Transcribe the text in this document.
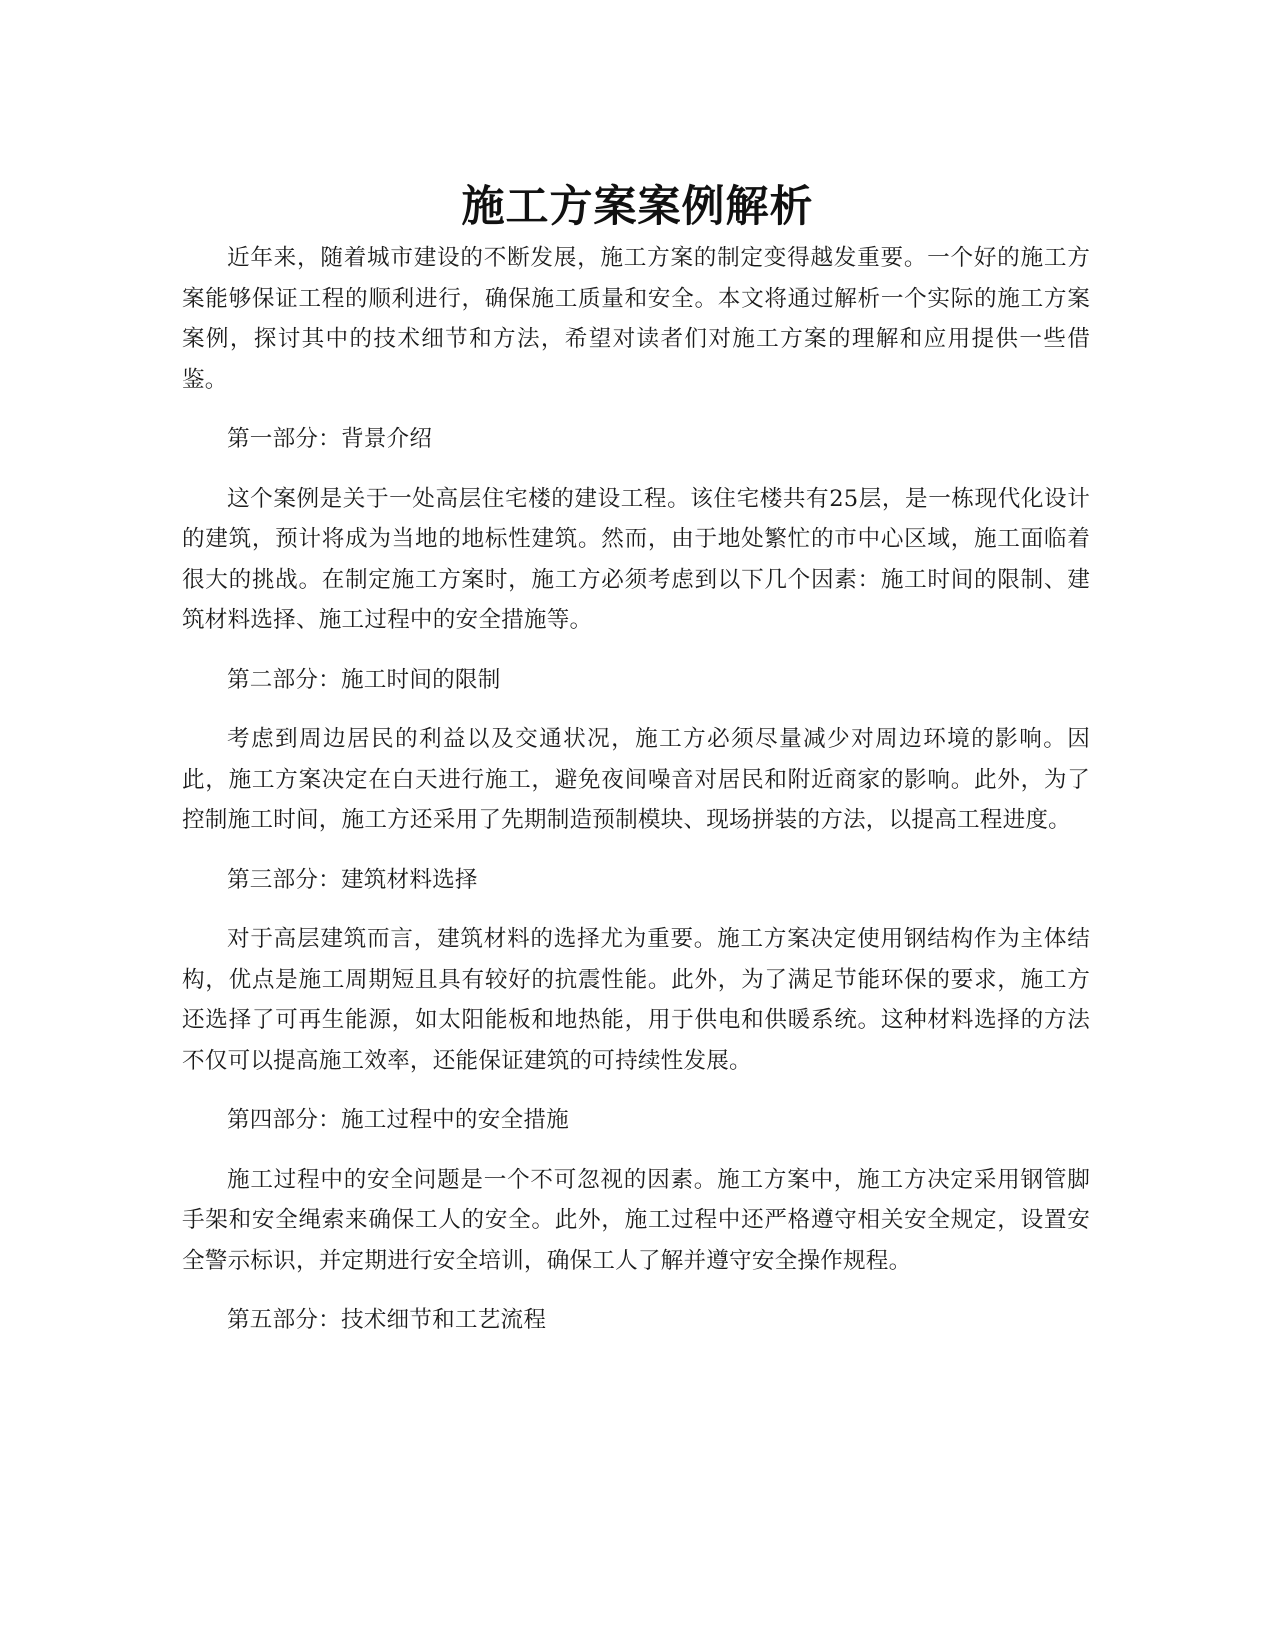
施工方案案例解析

近年来，随着城市建设的不断发展，施工方案的制定变得越发重要。一个好的施工方案能够保证工程的顺利进行，确保施工质量和安全。本文将通过解析一个实际的施工方案案例，探讨其中的技术细节和方法，希望对读者们对施工方案的理解和应用提供一些借鉴。

第一部分：背景介绍

这个案例是关于一处高层住宅楼的建设工程。该住宅楼共有25层，是一栋现代化设计的建筑，预计将成为当地的地标性建筑。然而，由于地处繁忙的市中心区域，施工面临着很大的挑战。在制定施工方案时，施工方必须考虑到以下几个因素：施工时间的限制、建筑材料选择、施工过程中的安全措施等。

第二部分：施工时间的限制

考虑到周边居民的利益以及交通状况，施工方必须尽量减少对周边环境的影响。因此，施工方案决定在白天进行施工，避免夜间噪音对居民和附近商家的影响。此外，为了控制施工时间，施工方还采用了先期制造预制模块、现场拼装的方法，以提高工程进度。

第三部分：建筑材料选择

对于高层建筑而言，建筑材料的选择尤为重要。施工方案决定使用钢结构作为主体结构，优点是施工周期短且具有较好的抗震性能。此外，为了满足节能环保的要求，施工方还选择了可再生能源，如太阳能板和地热能，用于供电和供暖系统。这种材料选择的方法不仅可以提高施工效率，还能保证建筑的可持续性发展。

第四部分：施工过程中的安全措施

施工过程中的安全问题是一个不可忽视的因素。施工方案中，施工方决定采用钢管脚手架和安全绳索来确保工人的安全。此外，施工过程中还严格遵守相关安全规定，设置安全警示标识，并定期进行安全培训，确保工人了解并遵守安全操作规程。

第五部分：技术细节和工艺流程
